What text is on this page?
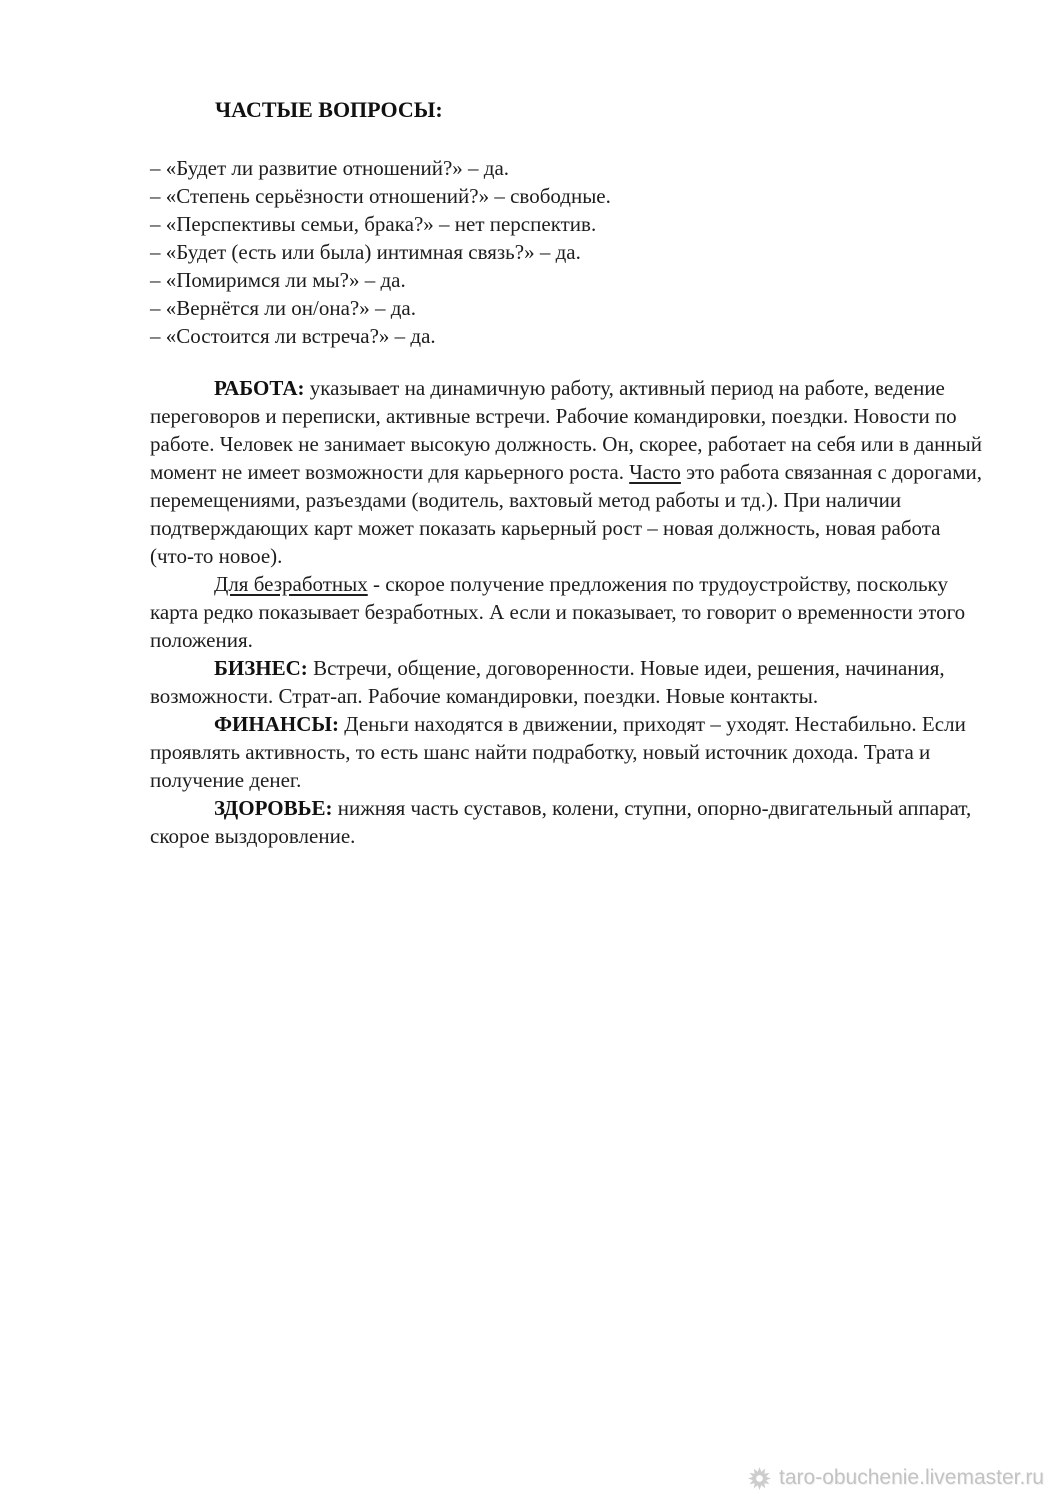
ЧАСТЫЕ ВОПРОСЫ:
– «Будет ли развитие отношений?» – да.
– «Степень серьёзности отношений?» – свободные.
– «Перспективы семьи, брака?» – нет перспектив.
– «Будет (есть или была) интимная связь?» – да.
– «Помиримся ли мы?» – да.
– «Вернётся ли он/она?» – да.
– «Состоится ли встреча?» – да.

РАБОТА: указывает на динамичную работу, активный период на работе, ведение переговоров и переписки, активные встречи. Рабочие командировки, поездки. Новости по работе. Человек не занимает высокую должность. Он, скорее, работает на себя или в данный момент не имеет возможности для карьерного роста. Часто это работа связанная с дорогами, перемещениями, разъездами (водитель, вахтовый метод работы и тд.). При наличии подтверждающих карт может показать карьерный рост – новая должность, новая работа (что-то новое).

Для безработных - скорое получение предложения по трудоустройству, поскольку карта редко показывает безработных. А если и показывает, то говорит о временности этого положения.

БИЗНЕС: Встречи, общение, договоренности. Новые идеи, решения, начинания, возможности. Страт-ап. Рабочие командировки, поездки. Новые контакты.

ФИНАНСЫ: Деньги находятся в движении, приходят – уходят. Нестабильно. Если проявлять активность, то есть шанс найти подработку, новый источник дохода. Трата и получение денег.

ЗДОРОВЬЕ: нижняя часть суставов, колени, ступни, опорно-двигательный аппарат, скорое выздоровление.

taro-obuchenie.livemaster.ru
